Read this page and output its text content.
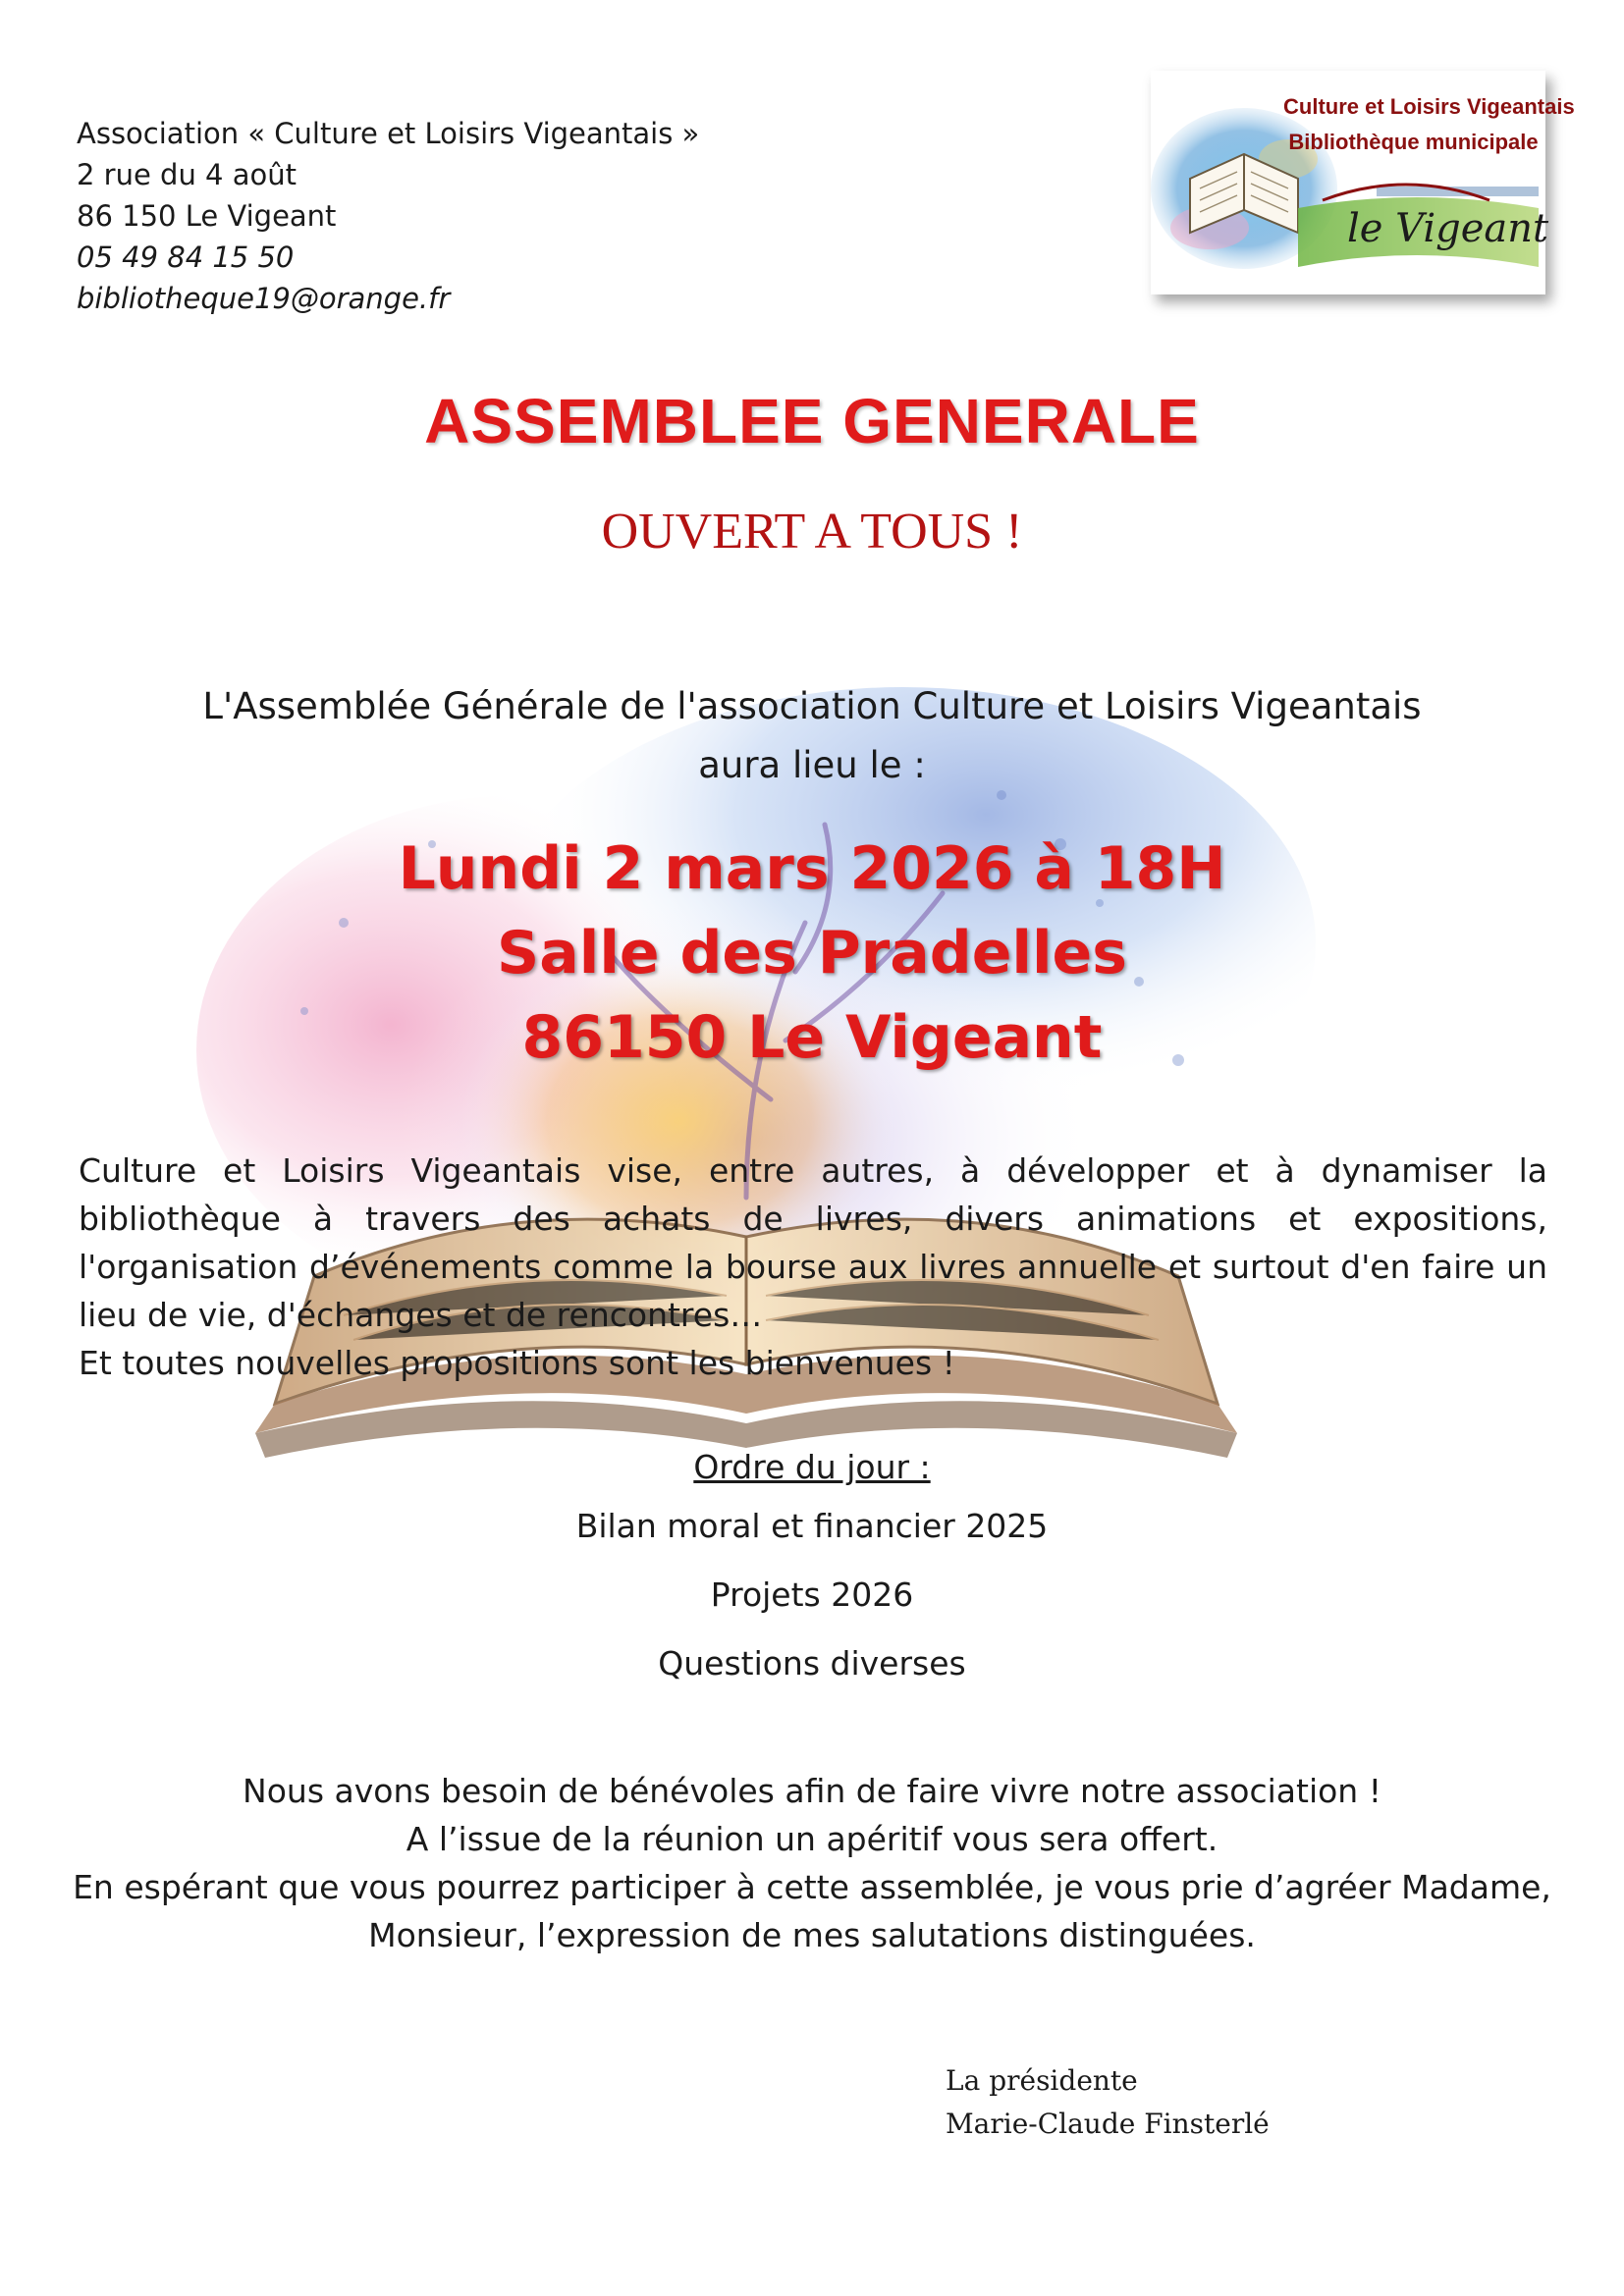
Association « Culture et Loisirs Vigeantais »
2 rue du 4 août
86 150 Le Vigeant
05 49 84 15 50
bibliotheque19@orange.fr
Culture et Loisirs Vigeantais
Bibliothèque municipale
le Vigeant
ASSEMBLEE GENERALE
OUVERT A TOUS !
L'Assemblée Générale de l'association Culture et Loisirs Vigeantais
aura lieu le :
Lundi 2 mars 2026 à 18H
Salle des Pradelles
86150 Le Vigeant

Culture et Loisirs Vigeantais vise, entre autres, à développer et à dynamiser la bibliothèque à travers des achats de livres, divers animations et expositions, l'organisation d’événements comme la bourse aux livres annuelle et surtout d'en faire un lieu de vie, d'échanges et de rencontres…

Et toutes nouvelles propositions sont les bienvenues !

Ordre du jour :
Bilan moral et financier 2025
Projets 2026
Questions diverses
Nous avons besoin de bénévoles afin de faire vivre notre association !
A l’issue de la réunion un apéritif vous sera offert.
En espérant que vous pourrez participer à cette assemblée, je vous prie d’agréer Madame,
Monsieur, l’expression de mes salutations distinguées.
La présidente
Marie-Claude Finsterlé
